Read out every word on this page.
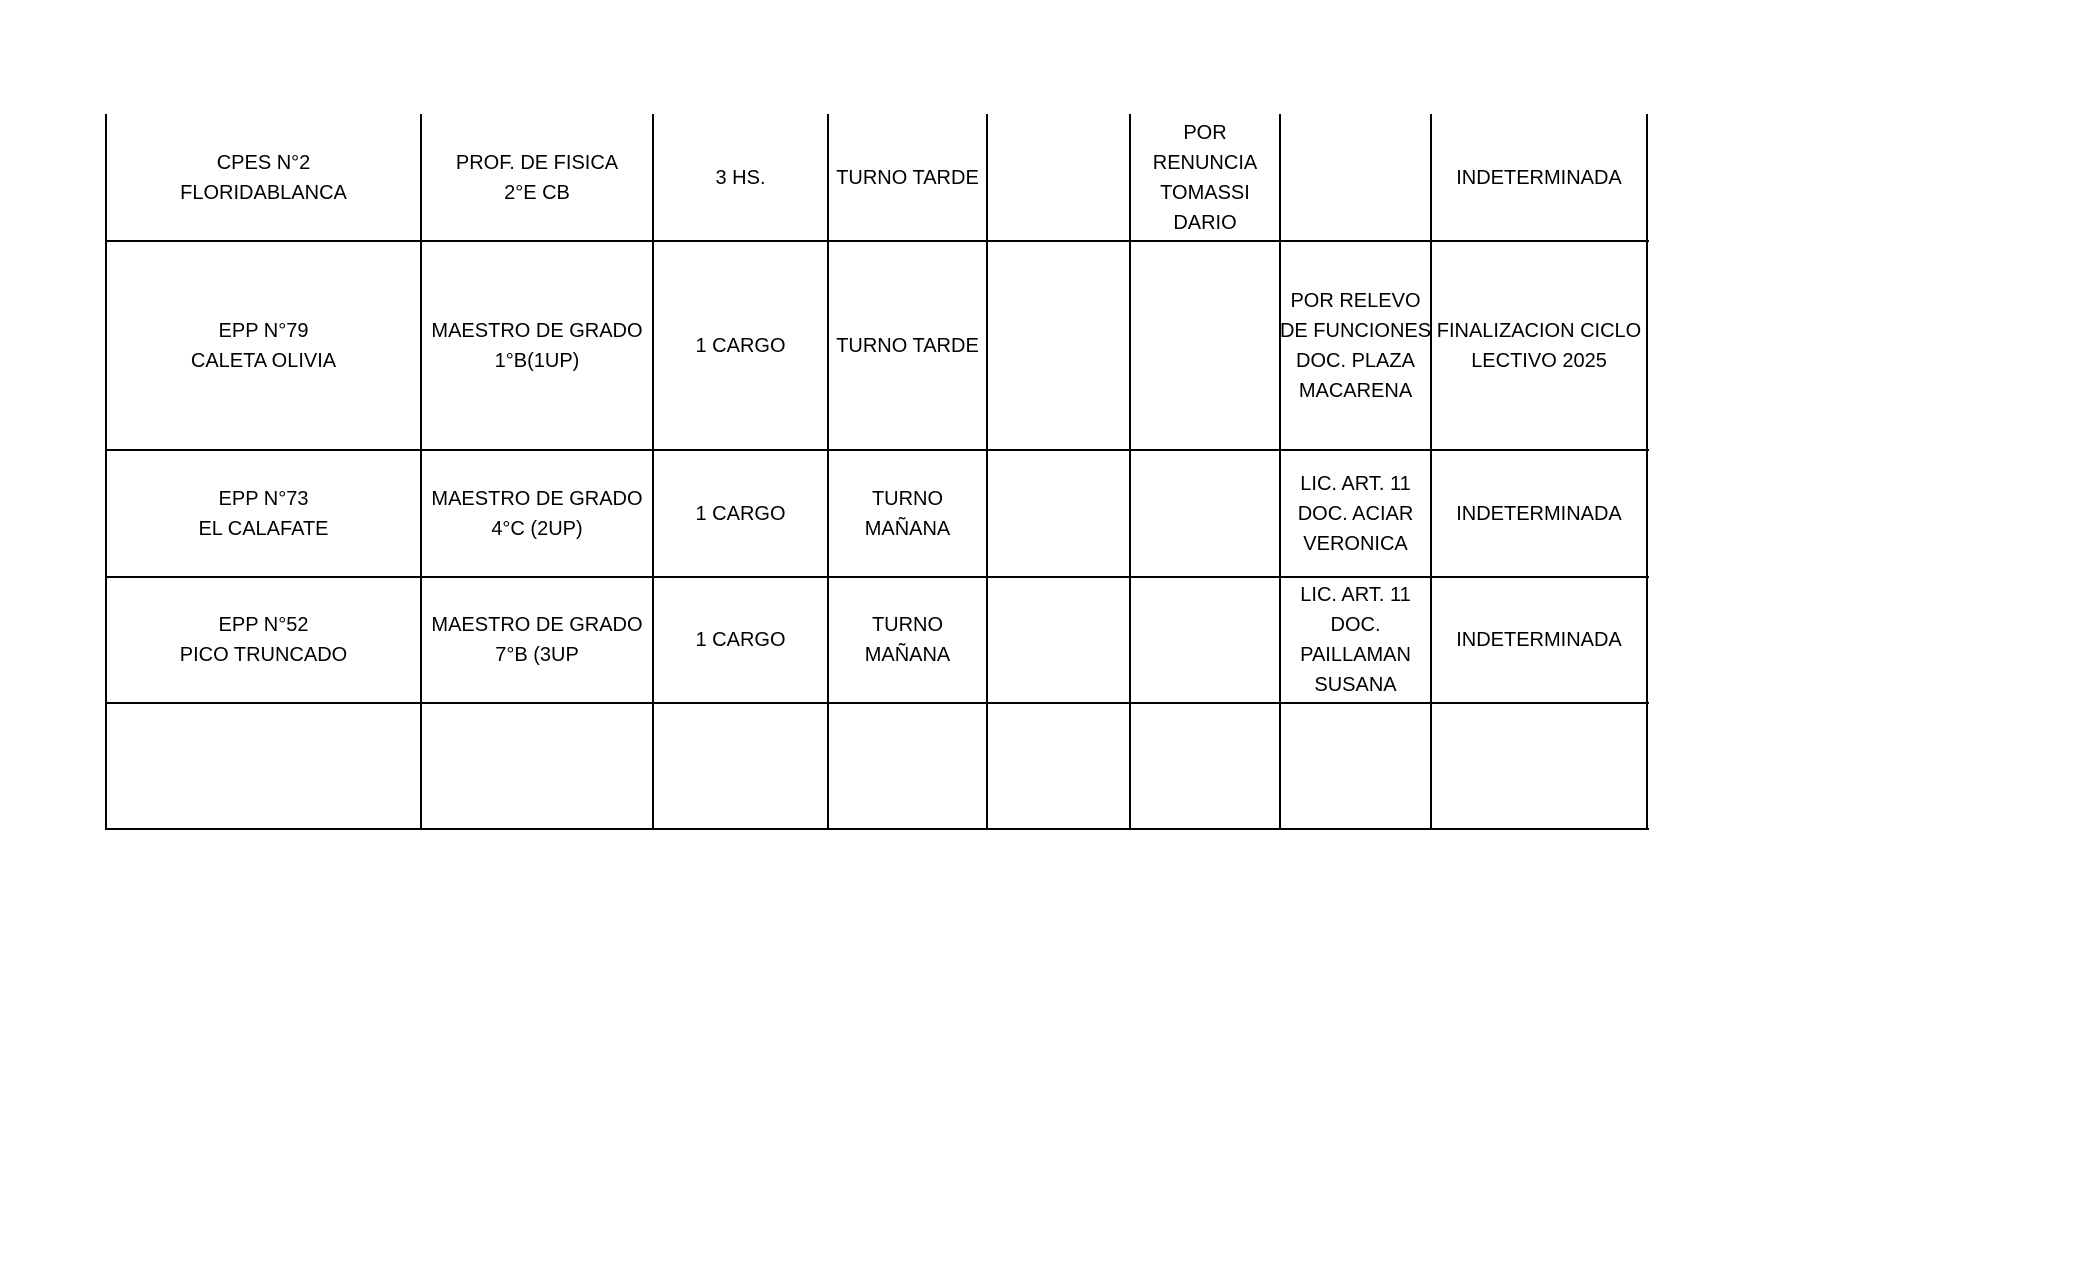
CPES N°2
FLORIDABLANCA
PROF. DE FISICA
2°E CB
3 HS.	TURNO TARDE
POR
RENUNCIA
TOMASSI
DARIO
INDETERMINADA
EPP N°79
CALETA OLIVIA
MAESTRO DE GRADO
1°B(1UP)
1 CARGO	TURNO TARDE
POR RELEVO
DE FUNCIONES
DOC. PLAZA
MACARENA
FINALIZACION CICLO
LECTIVO 2025
EPP N°73
EL CALAFATE
MAESTRO DE GRADO
4°C (2UP)
1 CARGO
TURNO
MAÑANA
LIC. ART. 11
DOC. ACIAR
VERONICA
INDETERMINADA
EPP N°52
PICO TRUNCADO
MAESTRO DE GRADO
7°B (3UP
1 CARGO
TURNO
MAÑANA
LIC. ART. 11
DOC.
PAILLAMAN
SUSANA
INDETERMINADA
